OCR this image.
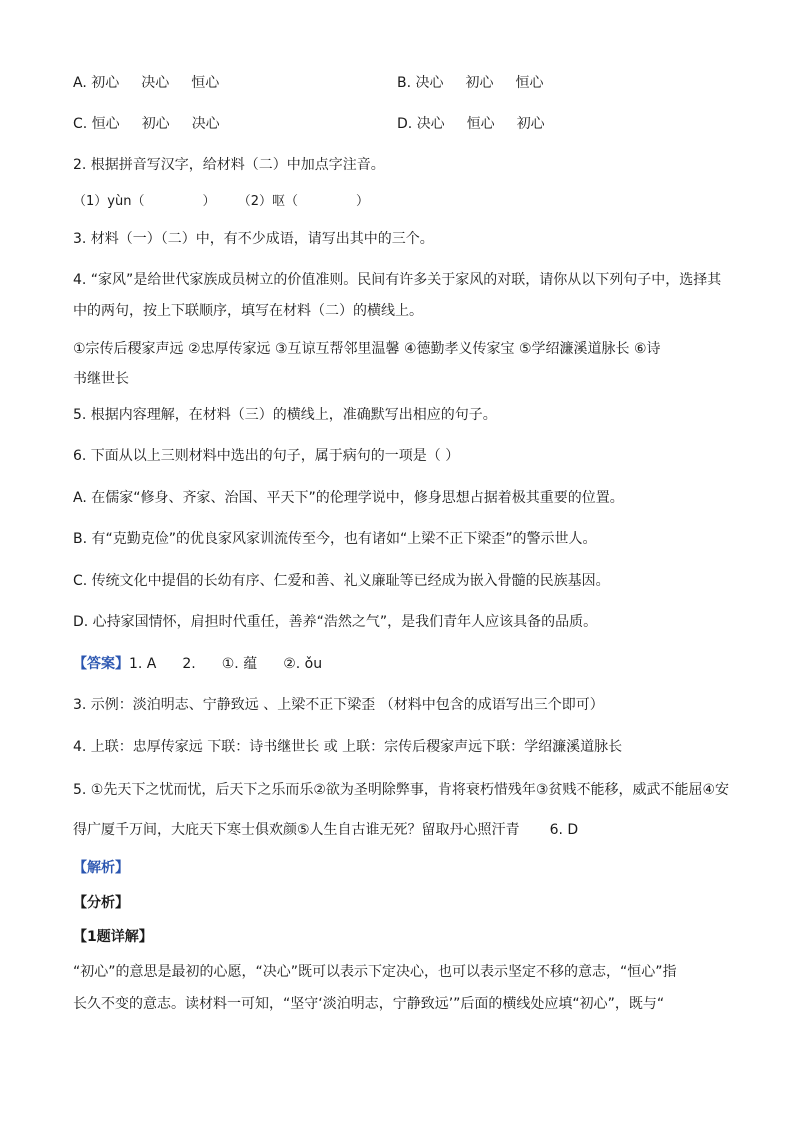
A. 初心 决心 恒心	B. 决心 初心 恒心
C. 恒心 初心 决心	D. 决心 恒心 初心
2. 根据拼音写汉字，给材料（二）中加点字注音。
（1）yùn（	） （2）呕（	）
3. 材料（一）（二）中，有不少成语，请写出其中的三个。
4. “家风”是给世代家族成员树立的价值准则。民间有许多关于家风的对联，请你从以下列句子中，选择其
中的两句，按上下联顺序，填写在材料（二）的横线上。
①宗传后稷家声远 ②忠厚传家远 ③互谅互帮邻里温馨 ④德勤孝义传家宝 ⑤学绍濂溪道脉长 ⑥诗
书继世长
5. 根据内容理解，在材料（三）的横线上，准确默写出相应的句子。
6. 下面从以上三则材料中选出的句子，属于病句的一项是（ ）
A. 在儒家“修身、齐家、治国、平天下”的伦理学说中，修身思想占据着极其重要的位置。
B. 有“克勤克俭”的优良家风家训流传至今，也有诸如“上梁不正下梁歪”的警示世人。
C. 传统文化中提倡的长幼有序、仁爱和善、礼义廉耻等已经成为嵌入骨髓的民族基因。
D. 心持家国情怀，肩担时代重任，善养“浩然之气”，是我们青年人应该具备的品质。
【答案】1. A 2. ①. 蕴 ②. ǒu
3. 示例：淡泊明志、宁静致远 、上梁不正下梁歪 （材料中包含的成语写出三个即可）
4. 上联：忠厚传家远 下联：诗书继世长 或 上联：宗传后稷家声远下联：学绍濂溪道脉长
5. ①先天下之忧而忧，后天下之乐而乐②欲为圣明除弊事，肯将衰朽惜残年③贫贱不能移，威武不能屈④安
得广厦千万间，大庇天下寒士俱欢颜⑤人生自古谁无死？留取丹心照汗青 6. D
【解析】
【分析】
【1题详解】
“初心”的意思是最初的心愿，“决心”既可以表示下定决心，也可以表示坚定不移的意志，“恒心”指
长久不变的意志。读材料一可知，“坚守‘淡泊明志，宁静致远’”后面的横线处应填“初心”，既与“
